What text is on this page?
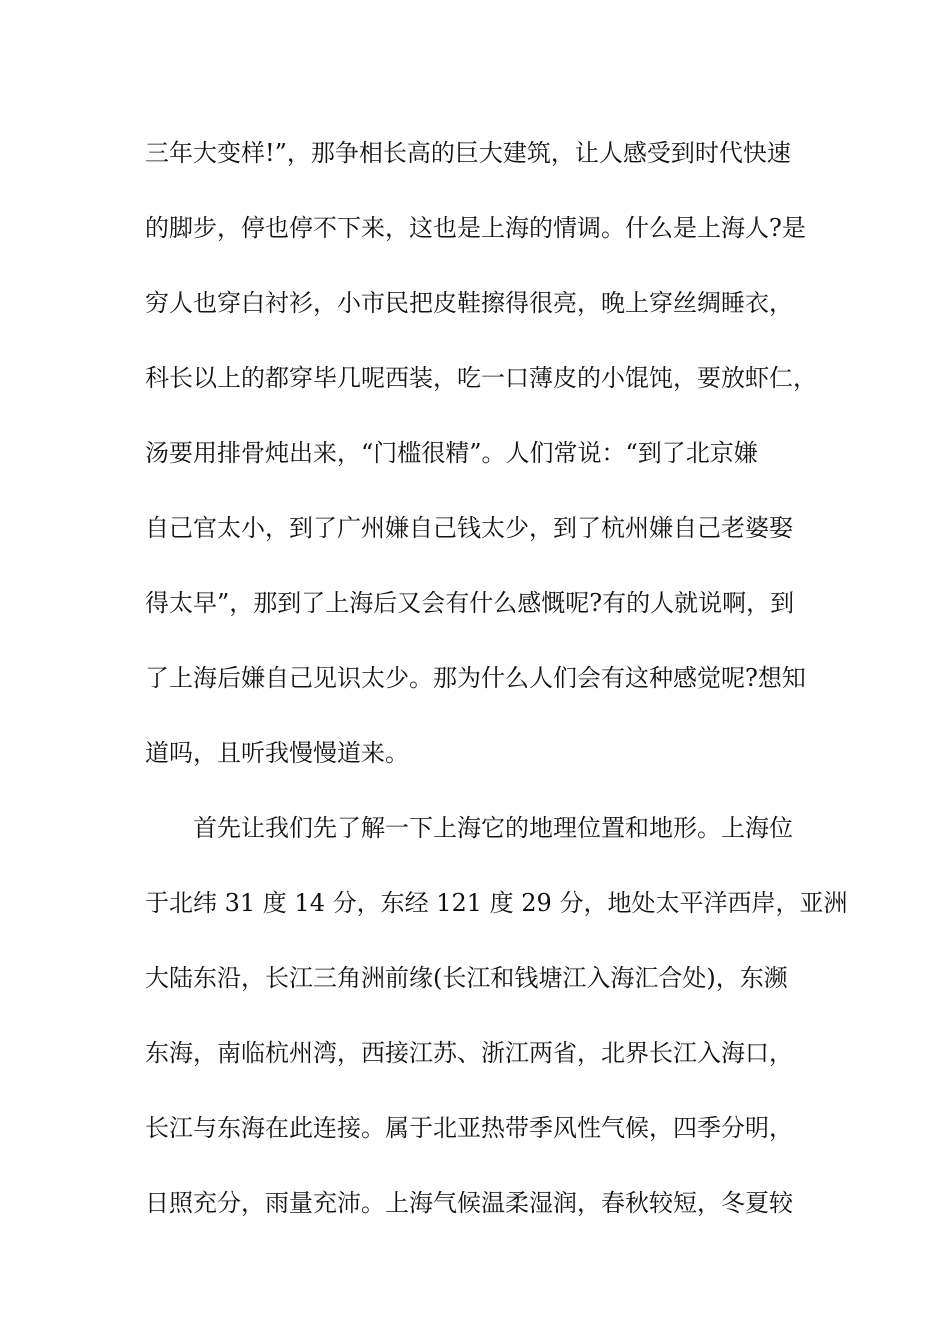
三年大变样!”，那争相长高的巨大建筑，让人感受到时代快速
的脚步，停也停不下来，这也是上海的情调。什么是上海人?是
穷人也穿白衬衫，小市民把皮鞋擦得很亮，晚上穿丝绸睡衣，
科长以上的都穿毕几呢西装，吃一口薄皮的小馄饨，要放虾仁，
汤要用排骨炖出来，“门槛很精”。人们常说：“到了北京嫌
自己官太小，到了广州嫌自己钱太少，到了杭州嫌自己老婆娶
得太早”，那到了上海后又会有什么感慨呢?有的人就说啊，到
了上海后嫌自己见识太少。那为什么人们会有这种感觉呢?想知
道吗，且听我慢慢道来。
首先让我们先了解一下上海它的地理位置和地形。上海位
于北纬 31 度 14 分，东经 121 度 29 分，地处太平洋西岸，亚洲
大陆东沿，长江三角洲前缘(长江和钱塘江入海汇合处)，东濒
东海，南临杭州湾，西接江苏、浙江两省，北界长江入海口，
长江与东海在此连接。属于北亚热带季风性气候，四季分明，
日照充分，雨量充沛。上海气候温柔湿润，春秋较短，冬夏较
